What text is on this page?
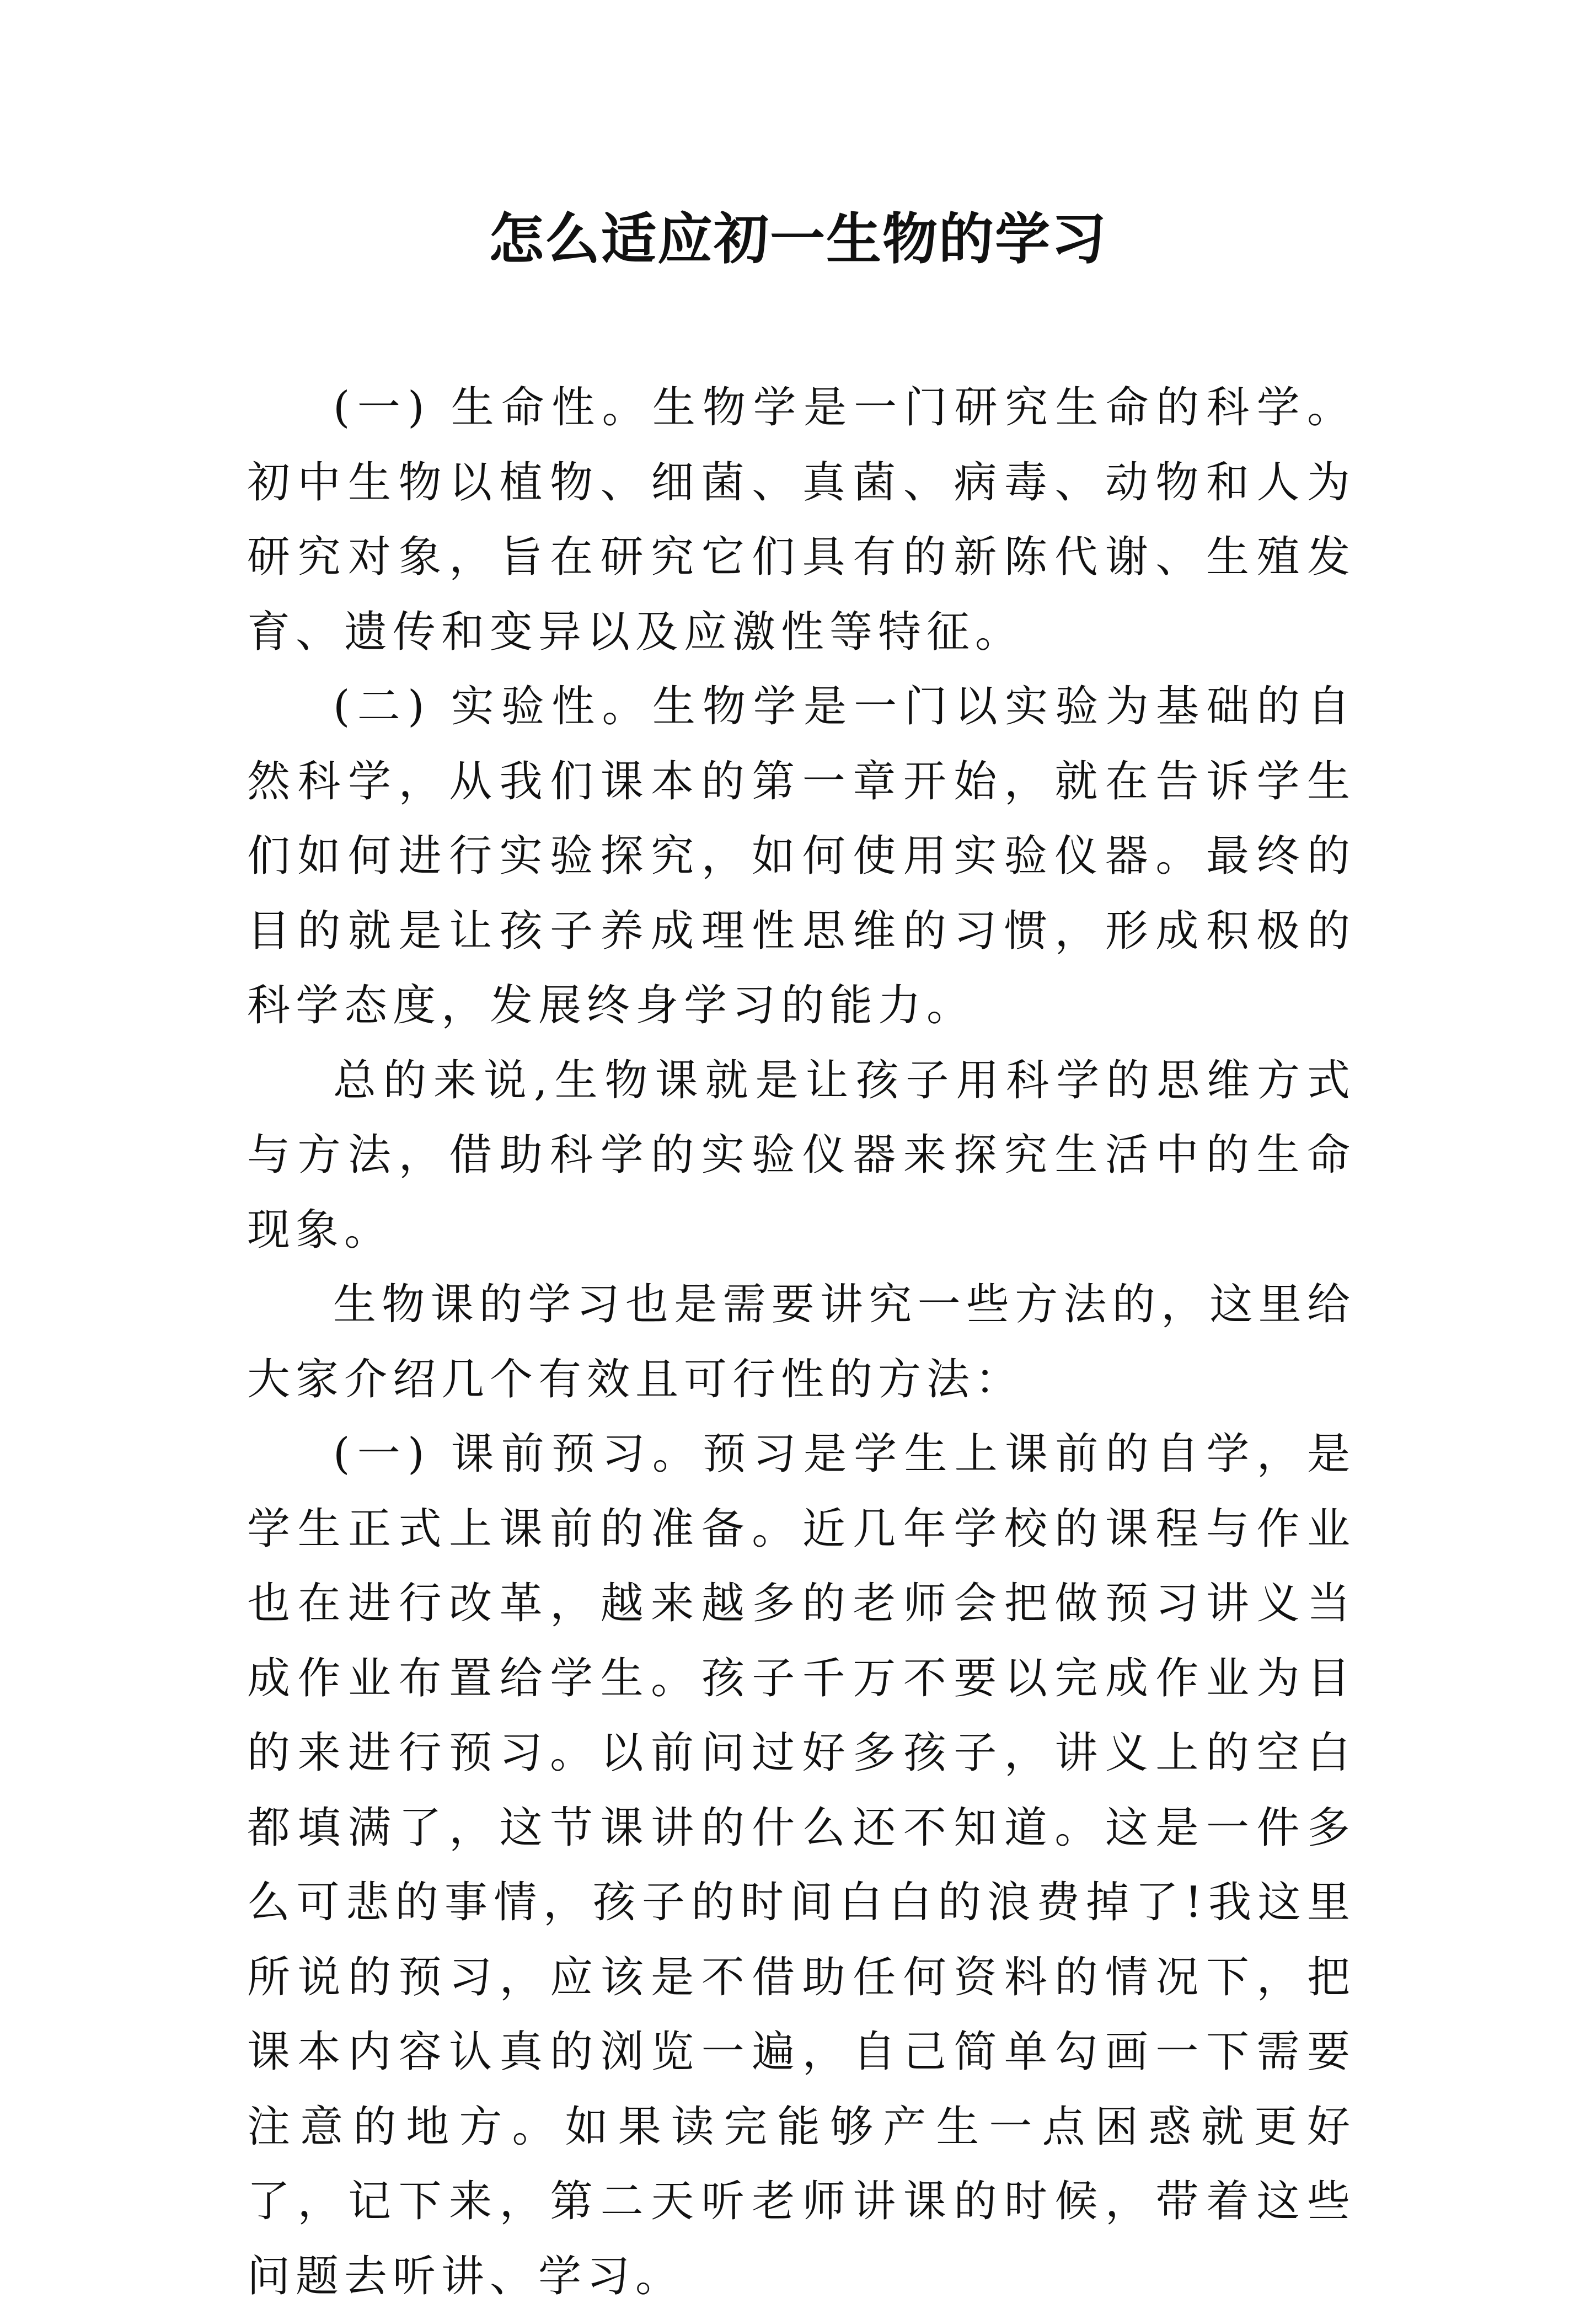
怎么适应初一生物的学习

(一) 生命性。生物学是一门研究生命的科学。初中生物以植物、细菌、真菌、病毒、动物和人为研究对象，旨在研究它们具有的新陈代谢、生殖发育、遗传和变异以及应激性等特征。

(二) 实验性。生物学是一门以实验为基础的自然科学，从我们课本的第一章开始，就在告诉学生们如何进行实验探究，如何使用实验仪器。最终的目的就是让孩子养成理性思维的习惯，形成积极的科学态度，发展终身学习的能力。

总的来说,生物课就是让孩子用科学的思维方式与方法，借助科学的实验仪器来探究生活中的生命现象。

生物课的学习也是需要讲究一些方法的，这里给大家介绍几个有效且可行性的方法：

(一) 课前预习。预习是学生上课前的自学，是学生正式上课前的准备。近几年学校的课程与作业也在进行改革，越来越多的老师会把做预习讲义当成作业布置给学生。孩子千万不要以完成作业为目的来进行预习。以前问过好多孩子，讲义上的空白都填满了，这节课讲的什么还不知道。这是一件多么可悲的事情，孩子的时间白白的浪费掉了!我这里所说的预习，应该是不借助任何资料的情况下，把课本内容认真的浏览一遍，自己简单勾画一下需要注意的地方。如果读完能够产生一点困惑就更好了，记下来，第二天听老师讲课的时候，带着这些问题去听讲、学习。
